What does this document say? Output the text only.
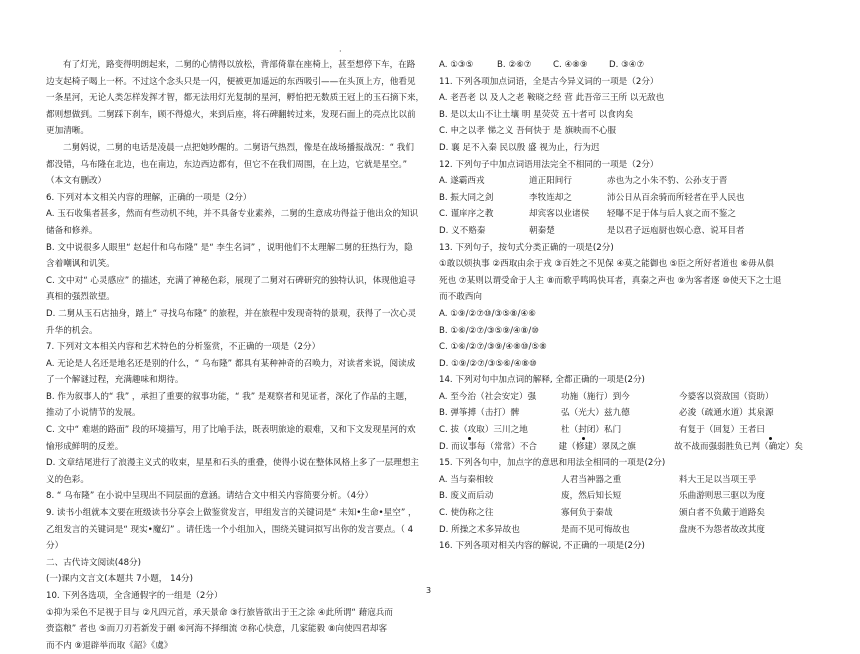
·
有了灯光，路变得明朗起来，二舅的心情得以放松，背部倚靠在座椅上，甚至想停下车，在路
边支起椅子喝上一杯。不过这个念头只是一闪，便被更加遥远的东西吸引——在头顶上方，他看见
一条星河，无论人类怎样发挥才智，都无法用灯光复制的星河，孵怕把无数质王冠上的玉石摘下来，
都则想做到。二舅踩下刹车，顾不得熄火，来到后座，将石碑翻转过来，发现石面上的亮点比以前
更加清晰。
二舅妈说，二舅的电话是凌晨一点把她吵醒的。二舅语气热烈，像是在战场播报战况：“ 我们
都没错，乌布隆在北边，也在南边，东边西边都有，但它不在我们周围，在上边，它就是星空。”
（本文有删改）
6. 下列对本文相关内容的理解，正确的一项是（2分）
A. 玉石收集者甚多，然而有些动机不纯，并不具备专业素养，二舅的生意成功得益于他出众的知识
储备和修养。
B. 文中说很多人眼里“ 赵起什和乌布隆” 是“ 李生名词” ，说明他们不太理解二舅的狂热行为，隐
含着嘲讽和讥笑。
C. 文中对“ 心灵感应” 的描述，充满了神秘色彩，展现了二舅对石碑研究的独特认识，体现他追寻
真相的强烈欲望。
D. 二舅从玉石店抽身，踏上“ 寻找乌布隆” 的旅程，并在旅程中发现奇特的景观，获得了一次心灵
升华的机会。
7. 下列对文本相关内容和艺术特色的分析鉴赏，不正确的一项是（2分）
A. 无论是人名还是地名还是别的什么，“ 乌布隆” 都具有某种神奇的召唤力，对读者来说，阅读成
了一个解谜过程，充满趣味和期待。
B. 作为叙事人的“ 我” ，承担了重要的叙事功能，“ 我” 是观察者和见证者，深化了作品的主题，
推动了小说情节的发展。
C. 文中“ 难堪的路面” 段的环境描写，用了比喻手法，既表明旅途的艰难，又和下文发现星河的欢
愉形成鲜明的反差。
D. 文章结尾进行了浪漫主义式的收束，星星和石头的重叠，使得小说在整体风格上多了一层理想主
义的色彩。
8. “ 乌布隆” 在小说中呈现出不同层面的意涵。请结合文中相关内容简要分析。（4分）
9. 读书小组就本文要在班级读书分享会上做鉴赏发言，甲组发言的关键词是“ 未知•生命•星空” ，
乙组发言的关键词是“ 现实•魔幻” 。请任选一个小组加入，围绕关键词拟写出你的发言要点。（ 4
分）
二、古代诗文阅读(48分)
(一)课内文言文(本题共 7小题， 14分)
10. 下列各选项，全含通假字的一组是（2分）
①抑为采色不足视于目与 ②凡四元首，承天景命 ③行旅皆欲出于王之涂 ④此所谓“ 藉寇兵而
赍盗粮” 者也 ⑤而刀刃若新发于硎 ⑥河海不择细流 ⑦称心快意，几家能毅 ⑧向使四君却客
而不内 ⑨退辟举而取《韶》《虞》
A. ①③⑤	B. ②⑥⑦	C. ④⑧⑨	D. ③④⑦
11. 下列各项加点词语，全是古今异义词的一项是（2分）
A. 老吾老 以 及人之老 鞍晓之经 营 此吾帝三王所 以无敌也
B. 是以太山不让土壤 明 星荧荧 五十者可 以食肉矣
C. 申之以孝 悌之义 吾何快于 是 旗映而不心服
D. 襄 足不入秦 民以殷 盛 视为止，行为迟
12. 下列句子中加点词语用法完全不相同的一项是（2分）
A. 遂霸西戎	道正阳间行	赤也为之小 朱不豹、公孙支于晋
B. 振大同之剑	李牧连却之	沛公日从百余骑 而所轻者在乎人民也
C. 谨庠序之教	却宾客以业诸侯	轻曝不足于体与 后人哀之而不鉴之
D. 义不赂秦	朝秦楚	是以君子远庖厨也 娱心意、说耳目者
13. 下列句子，按句式分类正确的一项是(2分)
①敢以烦执事 ②西取由余于戎 ③百姓之不见保 ④莫之能御也 ⑤臣之所好者道也 ⑥毋从俱
死也 ⑦某则以谓受命于人主 ⑧而歌乎鸣呜快耳者，真秦之声也 ⑨为客者逐 ⑩使天下之士退
而不敢西向
A. ①⑨/②⑦⑩/③⑤⑧/④⑥
B. ①⑥/②⑦/③⑤⑨/④⑧/⑩
C. ①⑥/②⑦/③⑨/④⑧⑩/⑤⑧
D. ①⑨/②⑦/③⑤⑥/④⑧⑩
14. 下列对句中加点词的解释, 全都正确的一项是(2分)
A. 至今治（社会安定）强	功施（施行）到今	今婆客以资敌国（资助）
B. 弹筝搏（击打）髀	弘（光大）兹九德	必浚（疏通水道）其泉源
C. 拔（攻取）三川之地	杜（封闭）私门	有复于（回复）王者曰
D. 而议事每（常常）不合	建（修建）翠凤之旗	故不战而强弱胜负已判（确定）矣
15. 下列各句中，加点字的意思和用法全相同的一项是(2分)
A. 当与秦相较	人君当神器之重	料大王足以当项王乎
B. 废义而后动	废，然后知长短	乐曲游则思三驱以为度
C. 使伪称之往	寡何负于秦哉	颁白者不负戴于道路矣
D. 所操之术多异故也	是而不见可悔故也	盘庚不为怨者故改其度
16. 下列各项对相关内容的解说, 不正确的一项是(2分)
3
